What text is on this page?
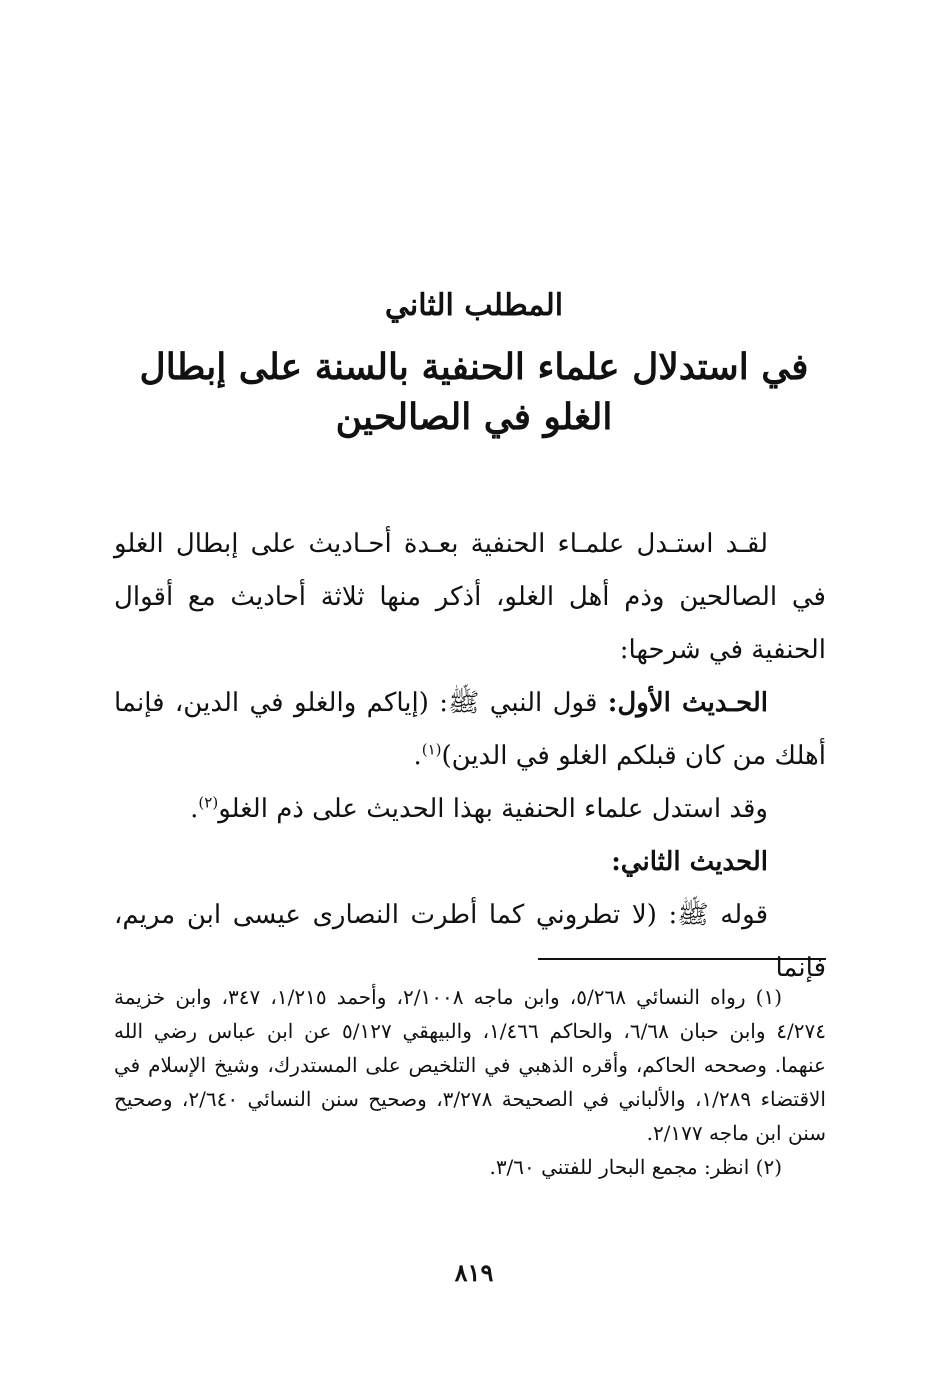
المطلب الثاني
في استدلال علماء الحنفية بالسنة على إبطال الغلو في الصالحين

لقـد استـدل علمـاء الحنفية بعـدة أحـاديث على إبطال الغلو في الصالحين وذم أهل الغلو، أذكر منها ثلاثة أحاديث مع أقوال الحنفية في شرحها:

الحـديث الأول: قول النبي ﷺ: (إياكم والغلو في الدين، فإنما أهلك من كان قبلكم الغلو في الدين)$^{(١)}$.

وقد استدل علماء الحنفية بهذا الحديث على ذم الغلو$^{(٢)}$.

الحديث الثاني:

قوله ﷺ: (لا تطروني كما أطرت النصارى عيسى ابن مريم، فإنما

(١) رواه النسائي ٥/٢٦٨، وابن ماجه ٢/١٠٠٨، وأحمد ١/٢١٥، ٣٤٧، وابن خزيمة ٤/٢٧٤ وابن حبان ٦/٦٨، والحاكم ١/٤٦٦، والبيهقي ٥/١٢٧ عن ابن عباس رضي الله عنهما. وصححه الحاكم، وأقره الذهبي في التلخيص على المستدرك، وشيخ الإسلام في الاقتضاء ١/٢٨٩، والألباني في الصحيحة ٣/٢٧٨، وصحيح سنن النسائي ٢/٦٤٠، وصحيح سنن ابن ماجه ٢/١٧٧.

(٢) انظر: مجمع البحار للفتني ٣/٦٠.

٨١٩
